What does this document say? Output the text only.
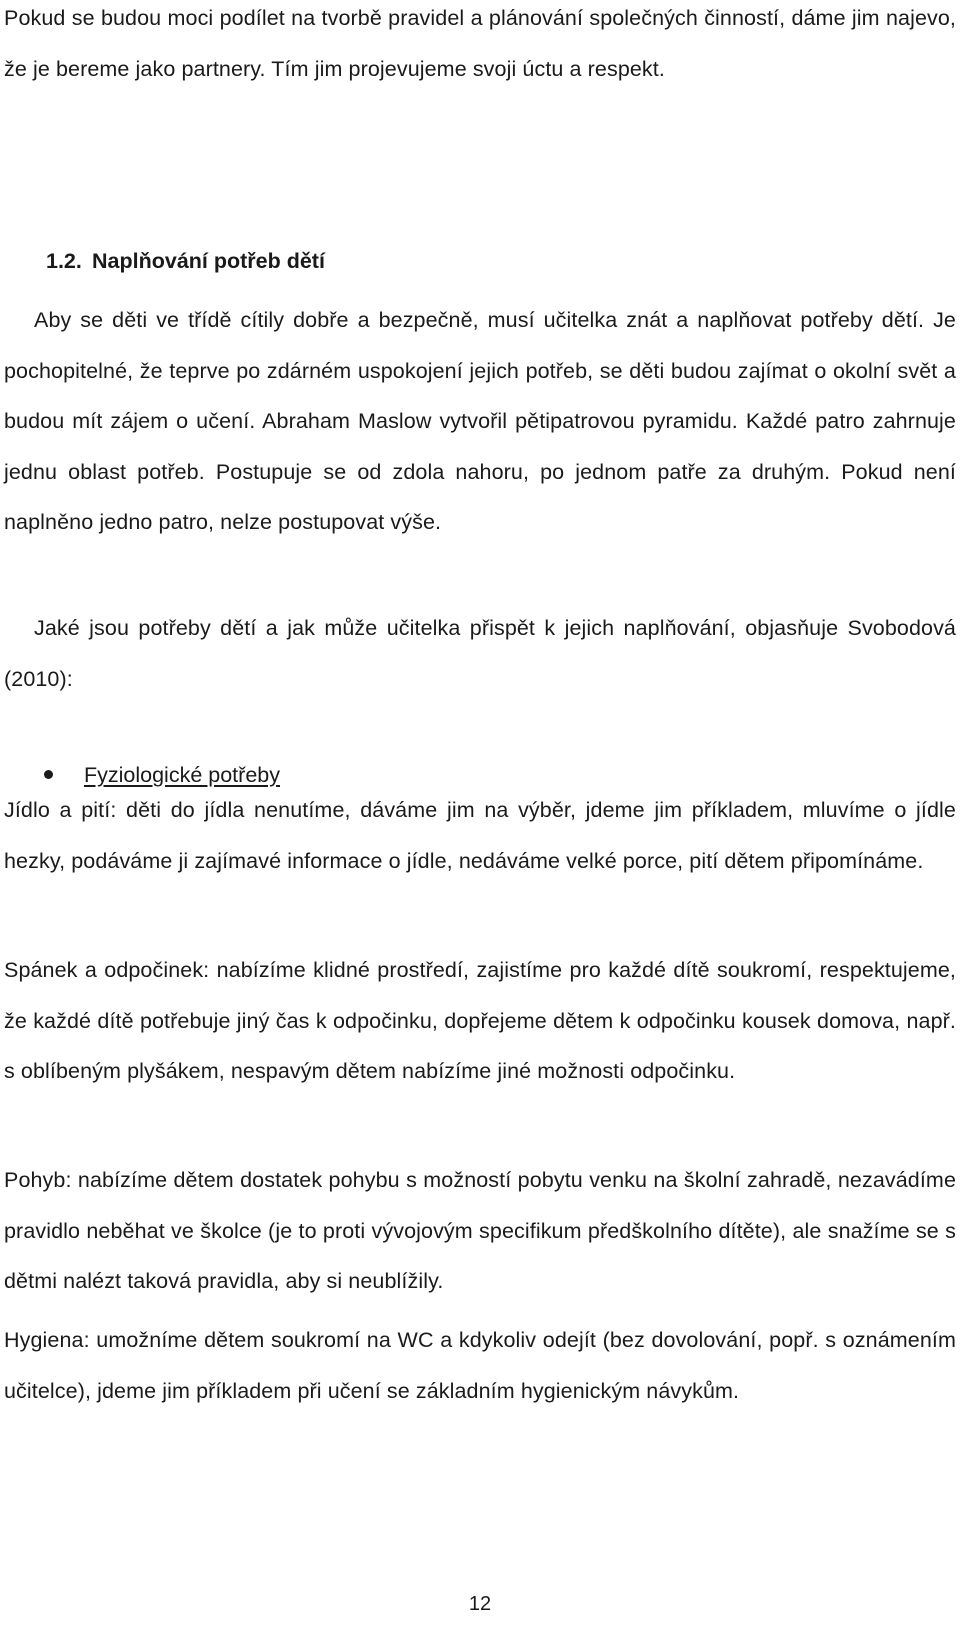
Pokud se budou moci podílet na tvorbě pravidel a plánování společných činností, dáme jim najevo, že je bereme jako partnery. Tím jim projevujeme svoji úctu a respekt.

1.2. Naplňování potřeb dětí

Aby se děti ve třídě cítily dobře a bezpečně, musí učitelka znát a naplňovat potřeby dětí. Je pochopitelné, že teprve po zdárném uspokojení jejich potřeb, se děti budou zajímat o okolní svět a budou mít zájem o učení. Abraham Maslow vytvořil pětipatrovou pyramidu. Každé patro zahrnuje jednu oblast potřeb. Postupuje se od zdola nahoru, po jednom patře za druhým. Pokud není naplněno jedno patro, nelze postupovat výše.

Jaké jsou potřeby dětí a jak může učitelka přispět k jejich naplňování, objasňuje Svobodová (2010):

Fyziologické potřeby

Jídlo a pití: děti do jídla nenutíme, dáváme jim na výběr, jdeme jim příkladem, mluvíme o jídle hezky, podáváme ji zajímavé informace o jídle, nedáváme velké porce, pití dětem připomínáme.

Spánek a odpočinek: nabízíme klidné prostředí, zajistíme pro každé dítě soukromí, respektujeme, že každé dítě potřebuje jiný čas k odpočinku, dopřejeme dětem k odpočinku kousek domova, např. s oblíbeným plyšákem, nespavým dětem nabízíme jiné možnosti odpočinku.

Pohyb: nabízíme dětem dostatek pohybu s možností pobytu venku na školní zahradě, nezavádíme pravidlo neběhat ve školce (je to proti vývojovým specifikum předškolního dítěte), ale snažíme se s dětmi nalézt taková pravidla, aby si neublížily.

Hygiena: umožníme dětem soukromí na WC a kdykoliv odejít (bez dovolování, popř. s oznámením učitelce), jdeme jim příkladem při učení se základním hygienickým návykům.

12
